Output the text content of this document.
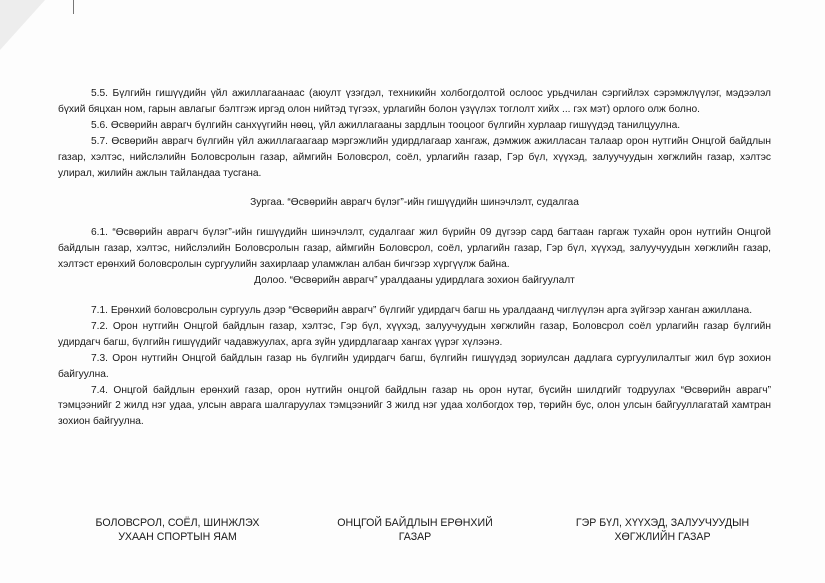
5.5. Бүлгийн гишүүдийн үйл ажиллагаанаас (аюулт үзэгдэл, техникийн холбогдолтой ослоос урьдчилан сэргийлэх сэрэмжлүүлэг, мэдээлэл бүхий бяцхан ном, гарын авлагыг бэлтгэж иргэд олон нийтэд түгээх, урлагийн болон үзүүлэх тоглолт хийх ... гэх мэт) орлого олж болно.

5.6. Өсвөрийн аврагч бүлгийн санхүүгийн нөөц, үйл ажиллагааны зардлын тооцоог бүлгийн хурлаар гишүүдэд танилцуулна.

5.7. Өсвөрийн аврагч бүлгийн үйл ажиллагаагаар мэргэжлийн удирдлагаар хангаж, дэмжиж ажилласан талаар орон нутгийн Онцгой байдлын газар, хэлтэс, нийслэлийн Боловсролын газар, аймгийн Боловсрол, соёл, урлагийн газар, Гэр бүл, хүүхэд, залуучуудын хөгжлийн газар, хэлтэс улирал, жилийн ажлын тайландаа тусгана.

Зургаа. “Өсвөрийн аврагч бүлэг”-ийн гишүүдийн шинэчлэлт, судалгаа

6.1. “Өсвөрийн аврагч бүлэг”-ийн гишүүдийн шинэчлэлт, судалгааг жил бүрийн 09 дүгээр сард багтаан гаргаж тухайн орон нутгийн Онцгой байдлын газар, хэлтэс, нийслэлийн Боловсролын газар, аймгийн Боловсрол, соёл, урлагийн газар, Гэр бүл, хүүхэд, залуучуудын хөгжлийн газар, хэлтэст ерөнхий боловсролын сургуулийн захирлаар уламжлан албан бичгээр хүргүүлж байна.

Долоо. “Өсвөрийн аврагч” уралдааны удирдлага зохион байгуулалт

7.1. Ерөнхий боловсролын сургууль дээр “Өсвөрийн аврагч” бүлгийг удирдагч багш нь уралдаанд чиглүүлэн арга зүйгээр ханган ажиллана.

7.2. Орон нутгийн Онцгой байдлын газар, хэлтэс, Гэр бүл, хүүхэд, залуучуудын хөгжлийн газар, Боловсрол соёл урлагийн газар бүлгийн удирдагч багш, бүлгийн гишүүдийг чадавжуулах, арга зүйн удирдлагаар хангах үүрэг хүлээнэ.

7.3. Орон нутгийн Онцгой байдлын газар нь бүлгийн удирдагч багш, бүлгийн гишүүдэд зориулсан дадлага сургуулилалтыг жил бүр зохион байгуулна.

7.4. Онцгой байдлын ерөнхий газар, орон нутгийн онцгой байдлын газар нь орон нутаг, бүсийн шилдгийг тодруулах “Өсвөрийн аврагч” тэмцээнийг 2 жилд нэг удаа, улсын аврага шалгаруулах тэмцээнийг 3 жилд нэг удаа холбогдох төр, төрийн бус, олон улсын байгууллагатай хамтран зохион байгуулна.

БОЛОВСРОЛ, СОЁЛ, ШИНЖЛЭХ
УХААН СПОРТЫН ЯАМ
ОНЦГОЙ БАЙДЛЫН ЕРӨНХИЙ
ГАЗАР
ГЭР БҮЛ, ХҮҮХЭД, ЗАЛУУЧУУДЫН
ХӨГЖЛИЙН ГАЗАР
